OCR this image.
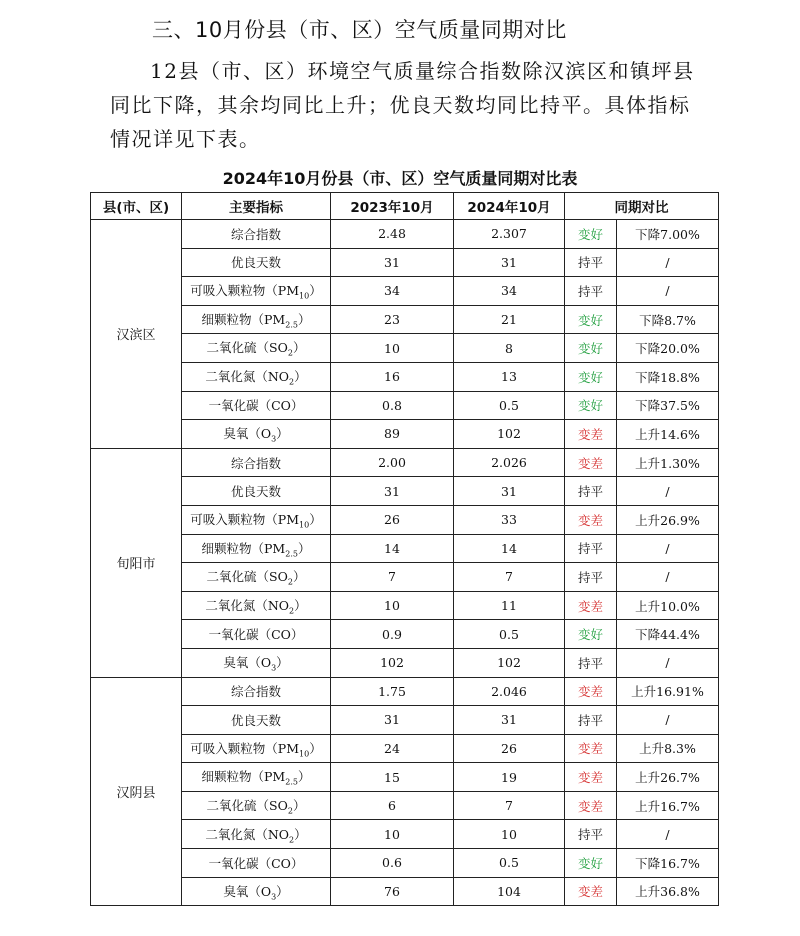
三、10月份县（市、区）空气质量同期对比
12县（市、区）环境空气质量综合指数除汉滨区和镇坪县同比下降，其余均同比上升；优良天数均同比持平。具体指标情况详见下表。
2024年10月份县（市、区）空气质量同期对比表
县(市、区)	主要指标	2023年10月	2024年10月	同期对比	
汉滨区	综合指数	2.48	2.307	变好	下降7.00%
	优良天数	31	31	持平	/
	可吸入颗粒物$(PM_{10})$	34	34	持平	/
	细颗粒物$(PM_{2.5})$	23	21	变好	下降8.7%
	二氧化硫$(SO_2)$	10	8	变好	下降20.0%
	二氧化氮$(NO_2)$	16	13	变好	下降18.8%
	一氧化碳（CO）	0.8	0.5	变好	下降37.5%
	臭氧$(O_3)$	89	102	变差	上升14.6%
旬阳市	综合指数	2.00	2.026	变差	上升1.30%
	优良天数	31	31	持平	/
	可吸入颗粒物$(PM_{10})$	26	33	变差	上升26.9%
	细颗粒物$(PM_{2.5})$	14	14	持平	/
	二氧化硫$(SO_2)$	7	7	持平	/
	二氧化氮$(NO_2)$	10	11	变差	上升10.0%
	一氧化碳（CO）	0.9	0.5	变好	下降44.4%
	臭氧$(O_3)$	102	102	持平	/
汉阴县	综合指数	1.75	2.046	变差	上升16.91%
	优良天数	31	31	持平	/
	可吸入颗粒物$(PM_{10})$	24	26	变差	上升8.3%
	细颗粒物$(PM_{2.5})$	15	19	变差	上升26.7%
	二氧化硫$(SO_2)$	6	7	变差	上升16.7%
	二氧化氮$(NO_2)$	10	10	持平	/
	一氧化碳（CO）	0.6	0.5	变好	下降16.7%
	臭氧$(O_3)$	76	104	变差	上升36.8%
